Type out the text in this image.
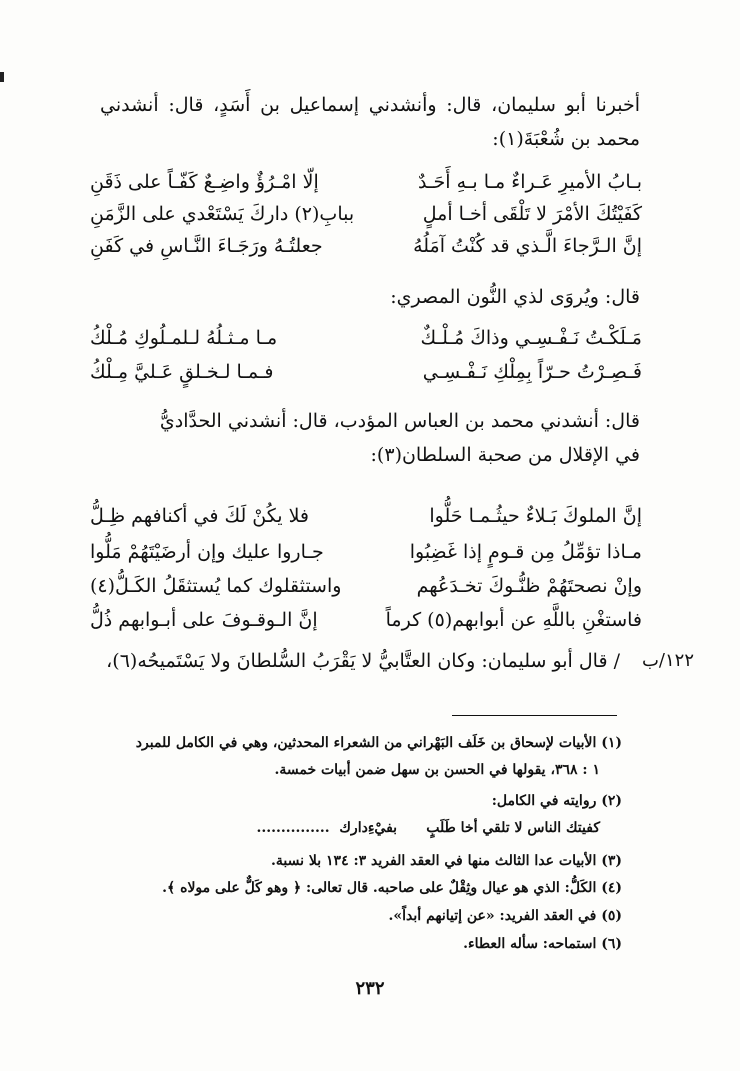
أخبرنا أبو سليمان، قال: وأنشدني إسماعيل بن أَسَدٍ، قال: أنشدني
محمد بن شُعْبَةَ(١):
بـابُ الأميرِ عَـراءٌ مـا بـهِ أَحَـدٌ
إلّا امْـرُؤٌ واضِـعٌ كَفّـاً على ذَقَنِ
كَفَيْتُكَ الأمْرَ لا تَلْقَى أخـا أملٍ
ببابِ(٢) داركَ يَسْتَعْدي على الزَّمَنِ
إنَّ الـرَّجاءَ الَّـذي قد كُنْتُ آمَلُهُ
جعلتُـهُ ورَجَـاءَ النَّـاسِ في كَفَنِ
قال: ويُروَى لذي النُّون المصري:
مَـلَكْـتُ نَـفْـسِـي وذاكَ مُـلْـكٌ
مـا مـثـلُهُ لـلمـلُوكِ مُـلْكُ
فَـصِـرْتُ حـرّاً بِمِلْكِ نَـفْـسِـي
فـمـا لـخـلقٍ عَـليَّ مِـلْكُ
قال: أنشدني محمد بن العباس المؤدب، قال: أنشدني الحدَّاديُّ
في الإقلال من صحبة السلطان(٣):
إنَّ الملوكَ بَـلاءٌ حيثُـمـا حَلُّوا
فلا يكُنْ لَكَ في أكنافهم ظِـلُّ
مـاذا تؤمِّلُ مِن قـومٍ إذا غَضِبُوا
جـاروا عليك وإن أرضَيْتَهُمْ مَلُّوا
وإنْ نصحتَهُمْ ظنُّـوكَ تخـدَعُهم
واستثقلوك كما يُستثقَلُ الكَـلُّ(٤)
فاستغْنِ باللَّهِ عن أبوابهم(٥) كرماً
إنَّ الـوقـوفَ على أبـوابهم ذُلُّ
١٢٢/ب
/ قال أبو سليمان: وكان العتَّابيُّ لا يَقْرَبُ السُّلطانَ ولا يَسْتَميحُه(٦)،
(١) الأبيات لإسحاق بن خَلَف البَهْراني من الشعراء المحدثين، وهي في الكامل للمبرد
١ : ٣٦٨، يقولها في الحسن بن سهل ضمن أبيات خمسة.
(٢) روايته في الكامل:
كفيتك الناس لا تلقي أخا طَلَبٍ      بفيْءِدارك  ...............
(٣) الأبيات عدا الثالث منها في العقد الفريد ٣: ١٣٤ بلا نسبة.
(٤) الكَلُّ: الذي هو عيال وثِقْلٌ على صاحبه. قال تعالى: ﴿ وهو كَلٌّ على مولاه ﴾.
(٥) في العقد الفريد: «عن إتيانهم أبداً».
(٦) استماحه: سأله العطاء.
٢٣٢
